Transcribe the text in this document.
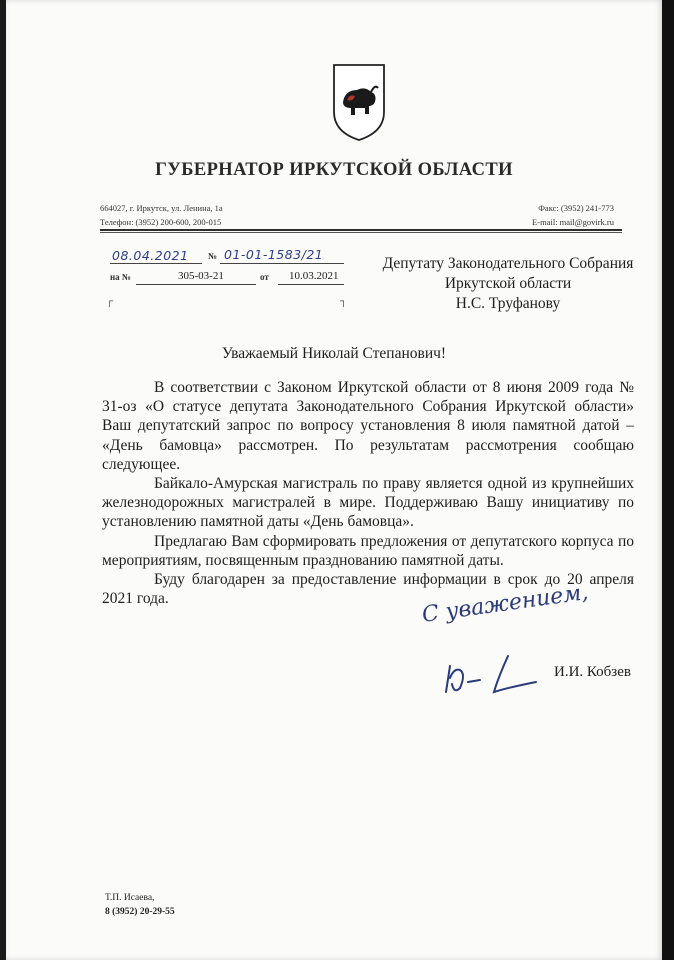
ГУБЕРНАТОР ИРКУТСКОЙ ОБЛАСТИ
664027, г. Иркутск, ул. Ленина, 1а
Телефон: (3952) 200-600, 200-015
Факс: (3952) 241-773
E-mail: mail@govirk.ru
08.04.2021 № 01-01-1583/21
на №	305-03-21	от 10.03.2021
┌	┐
Депутату Законодательного Собрания
Иркутской области
Н.С. Труфанову
Уважаемый Николай Степанович!

В соответствии с Законом Иркутской области от 8 июня 2009 года № 31-оз «О статусе депутата Законодательного Собрания Иркутской области» Ваш депутатский запрос по вопросу установления 8 июля памятной датой – «День бамовца» рассмотрен. По результатам рассмотрения сообщаю следующее.

Байкало-Амурская магистраль по праву является одной из крупнейших железнодорожных магистралей в мире. Поддерживаю Вашу инициативу по установлению памятной даты «День бамовца».

Предлагаю Вам сформировать предложения от депутатского корпуса по мероприятиям, посвященным празднованию памятной даты.

Буду благодарен за предоставление информации в срок до 20 апреля 2021 года.	С уважением,
И.И. Кобзев
Т.П. Исаева,
8 (3952) 20-29-55
